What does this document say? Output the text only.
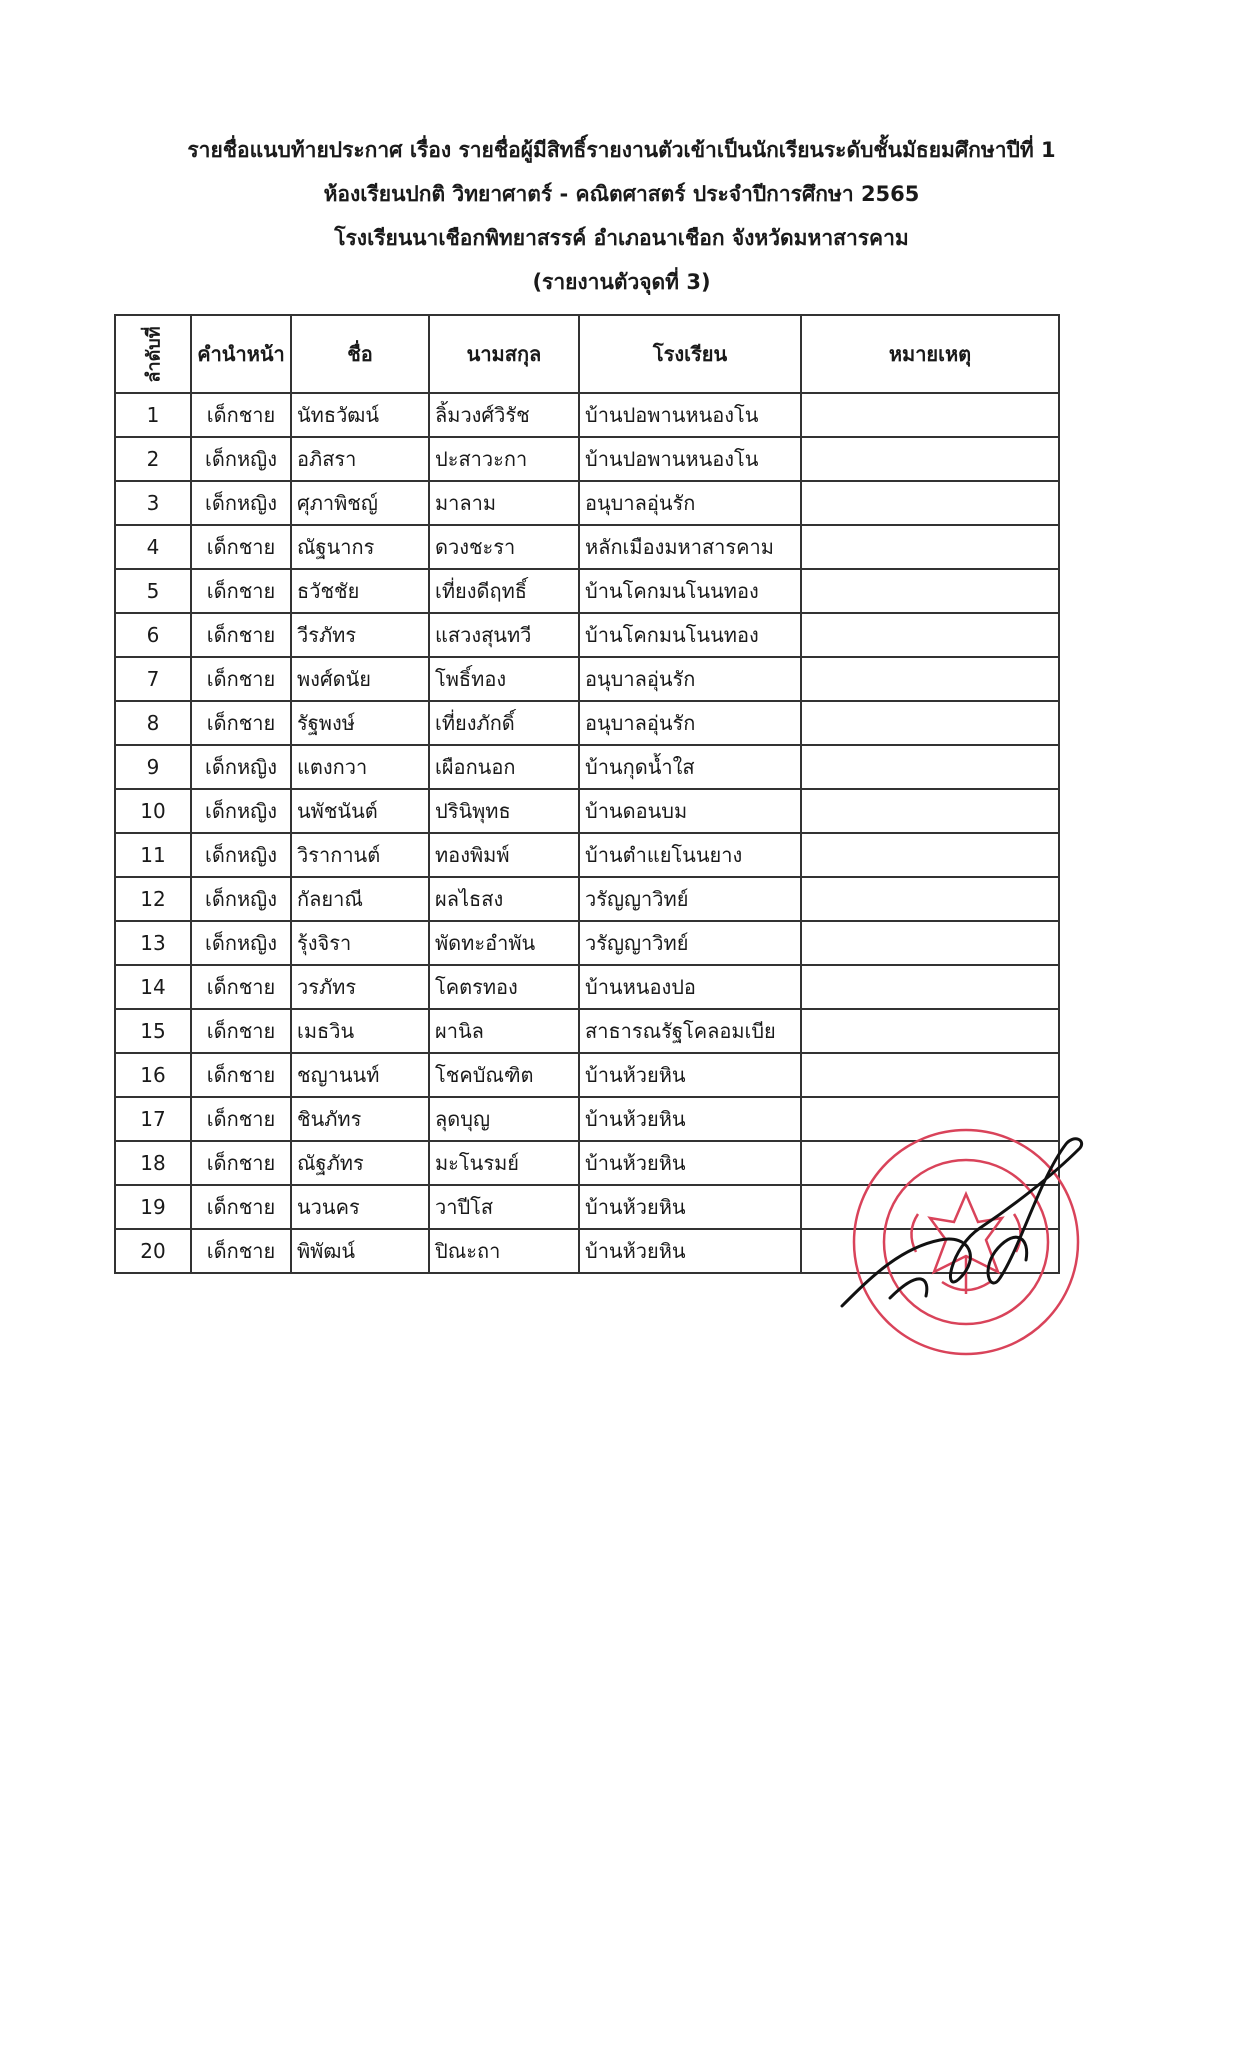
รายชื่อแนบท้ายประกาศ เรื่อง รายชื่อผู้มีสิทธิ์รายงานตัวเข้าเป็นนักเรียนระดับชั้นมัธยมศึกษาปีที่ 1
ห้องเรียนปกติ วิทยาศาตร์ - คณิตศาสตร์ ประจำปีการศึกษา 2565
โรงเรียนนาเชือกพิทยาสรรค์ อำเภอนาเชือก จังหวัดมหาสารคาม
(รายงานตัวจุดที่ 3)
ลำดับที่	คำนำหน้า	ชื่อ	นามสกุล	โรงเรียน	หมายเหตุ
1	เด็กชาย	นัทธวัฒน์	ลิ้มวงศ์วิรัช	บ้านปอพานหนองโน	
2	เด็กหญิง	อภิสรา	ปะสาวะกา	บ้านปอพานหนองโน	
3	เด็กหญิง	ศุภาพิชญ์	มาลาม	อนุบาลอุ่นรัก	
4	เด็กชาย	ณัฐนากร	ดวงชะรา	หลักเมืองมหาสารคาม	
5	เด็กชาย	ธวัชชัย	เที่ยงดีฤทธิ์	บ้านโคกมนโนนทอง	
6	เด็กชาย	วีรภัทร	แสวงสุนทวี	บ้านโคกมนโนนทอง	
7	เด็กชาย	พงศ์ดนัย	โพธิ์ทอง	อนุบาลอุ่นรัก	
8	เด็กชาย	รัฐพงษ์	เที่ยงภักดิ์	อนุบาลอุ่นรัก	
9	เด็กหญิง	แตงกวา	เผือกนอก	บ้านกุดน้ำใส	
10	เด็กหญิง	นพัชนันต์	ปรินิพุทธ	บ้านดอนบม	
11	เด็กหญิง	วิรากานต์	ทองพิมพ์	บ้านตำแยโนนยาง	
12	เด็กหญิง	กัลยาณี	ผลไธสง	วรัญญาวิทย์	
13	เด็กหญิง	รุ้งจิรา	พัดทะอำพัน	วรัญญาวิทย์	
14	เด็กชาย	วรภัทร	โคตรทอง	บ้านหนองปอ	
15	เด็กชาย	เมธวิน	ผานิล	สาธารณรัฐโคลอมเบีย	
16	เด็กชาย	ชญานนท์	โชคบัณฑิต	บ้านห้วยหิน	
17	เด็กชาย	ชินภัทร	ลุดบุญ	บ้านห้วยหิน	
18	เด็กชาย	ณัฐภัทร	มะโนรมย์	บ้านห้วยหิน	
19	เด็กชาย	นวนคร	วาปีโส	บ้านห้วยหิน	
20	เด็กชาย	พิพัฒน์	ปิณะถา	บ้านห้วยหิน	
